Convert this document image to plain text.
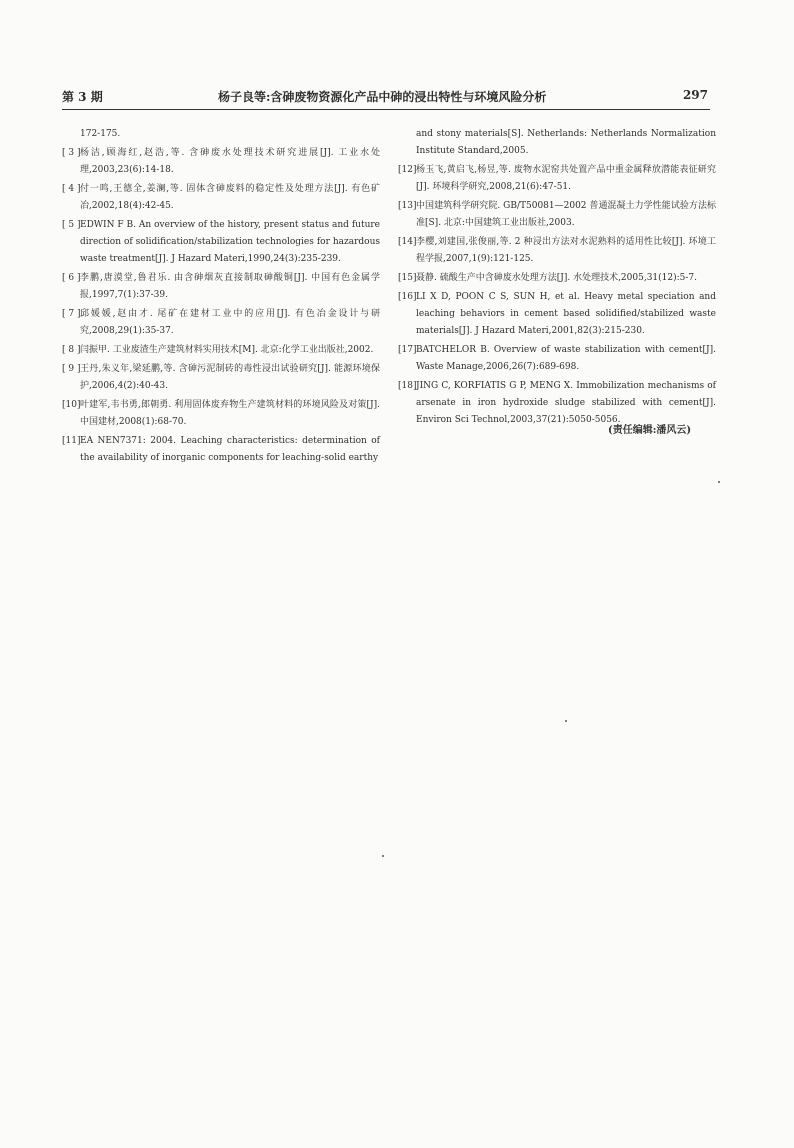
第 3 期	杨子良等:含砷废物资源化产品中砷的浸出特性与环境风险分析	297
172-175.
[ 3 ] 杨洁,顾海红,赵浩,等. 含砷废水处理技术研究进展[J]. 工业水处理,2003,23(6):14-18.
[ 4 ] 付一鸣,王德全,姜澜,等. 固体含砷废料的稳定性及处理方法[J]. 有色矿冶,2002,18(4):42-45.
[ 5 ] EDWIN F B. An overview of the history, present status and future direction of solidification/stabilization technologies for hazardous waste treatment[J]. J Hazard Materi,1990,24(3):235-239.
[ 6 ] 李鹏,唐漠堂,鲁君乐. 由含砷烟灰直接制取砷酸铜[J]. 中国有色金属学报,1997,7(1):37-39.
[ 7 ] 邱媛媛,赵由才. 尾矿在建材工业中的应用[J]. 有色冶金设计与研究,2008,29(1):35-37.
[ 8 ] 闫振甲. 工业废渣生产建筑材料实用技术[M]. 北京:化学工业出版社,2002.
[ 9 ] 王丹,朱义年,梁延鹏,等. 含砷污泥制砖的毒性浸出试验研究[J]. 能源环境保护,2006,4(2):40-43.
[10] 叶建军,韦书勇,郎朝勇. 利用固体废弃物生产建筑材料的环境风险及对策[J]. 中国建材,2008(1):68-70.
[11] EA NEN7371: 2004. Leaching characteristics: determination of the availability of inorganic components for leaching-solid earthy
and stony materials[S]. Netherlands: Netherlands Normalization Institute Standard,2005.
[12] 杨玉飞,黄启飞,杨昱,等. 废物水泥窑共处置产品中重金属释放潜能表征研究[J]. 环境科学研究,2008,21(6):47-51.
[13] 中国建筑科学研究院. GB/T50081—2002 普通混凝土力学性能试验方法标准[S]. 北京:中国建筑工业出版社,2003.
[14] 李樱,刘建国,张俊丽,等. 2 种浸出方法对水泥熟料的适用性比较[J]. 环境工程学报,2007,1(9):121-125.
[15] 聂静. 硫酸生产中含砷废水处理方法[J]. 水处理技术,2005,31(12):5-7.
[16] LI X D, POON C S, SUN H, et al. Heavy metal speciation and leaching behaviors in cement based solidified/stabilized waste materials[J]. J Hazard Materi,2001,82(3):215-230.
[17] BATCHELOR B. Overview of waste stabilization with cement[J]. Waste Manage,2006,26(7):689-698.
[18] JING C, KORFIATIS G P, MENG X. Immobilization mechanisms of arsenate in iron hydroxide sludge stabilized with cement[J]. Environ Sci Technol,2003,37(21):5050-5056.
(责任编辑:潘风云)
